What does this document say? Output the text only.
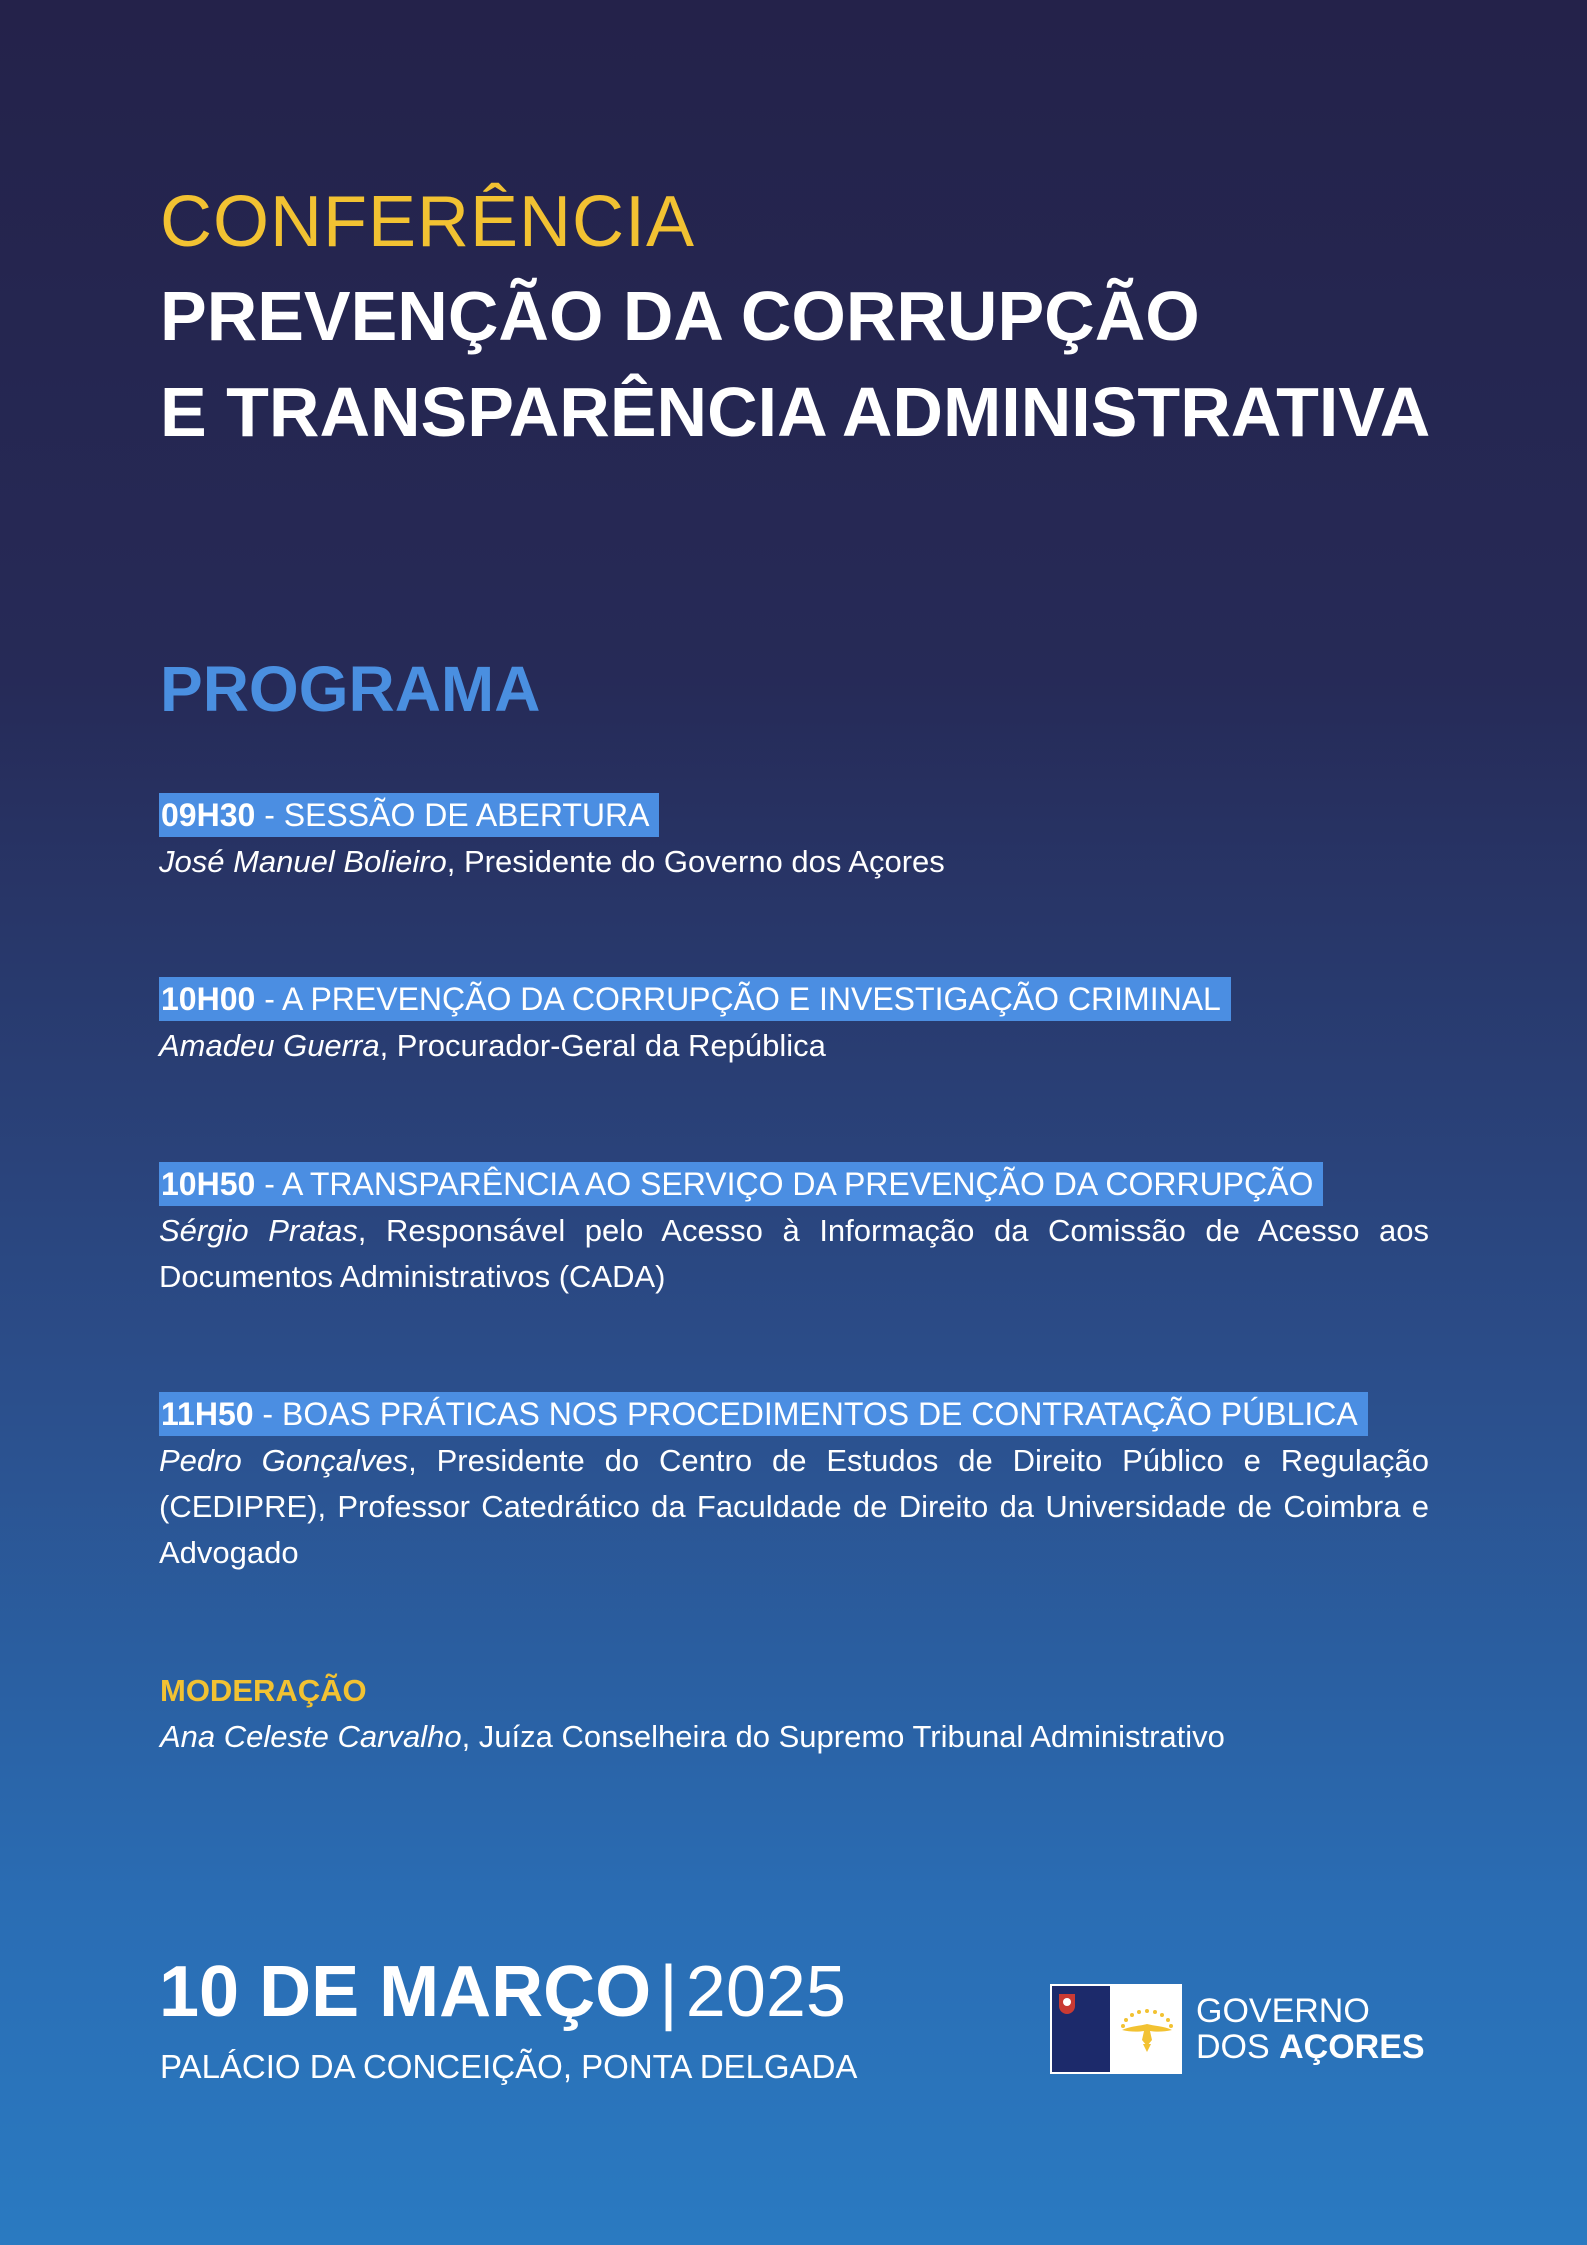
CONFERÊNCIA
PREVENÇÃO DA CORRUPÇÃO
E TRANSPARÊNCIA ADMINISTRATIVA
PROGRAMA
09H30 - SESSÃO DE ABERTURA
José Manuel Bolieiro, Presidente do Governo dos Açores
10H00 - A PREVENÇÃO DA CORRUPÇÃO E INVESTIGAÇÃO CRIMINAL
Amadeu Guerra, Procurador-Geral da República
10H50 - A TRANSPARÊNCIA AO SERVIÇO DA PREVENÇÃO DA CORRUPÇÃO
Sérgio Pratas, Responsável pelo Acesso à Informação da Comissão de Acesso aos Documentos Administrativos (CADA)
11H50 - BOAS PRÁTICAS NOS PROCEDIMENTOS DE CONTRATAÇÃO PÚBLICA
Pedro Gonçalves, Presidente do Centro de Estudos de Direito Público e Regulação (CEDIPRE), Professor Catedrático da Faculdade de Direito da Universidade de Coimbra e Advogado
MODERAÇÃO
Ana Celeste Carvalho, Juíza Conselheira do Supremo Tribunal Administrativo
10 DE MARÇO | 2025
PALÁCIO DA CONCEIÇÃO, PONTA DELGADA
GOVERNO
DOS AÇORES
